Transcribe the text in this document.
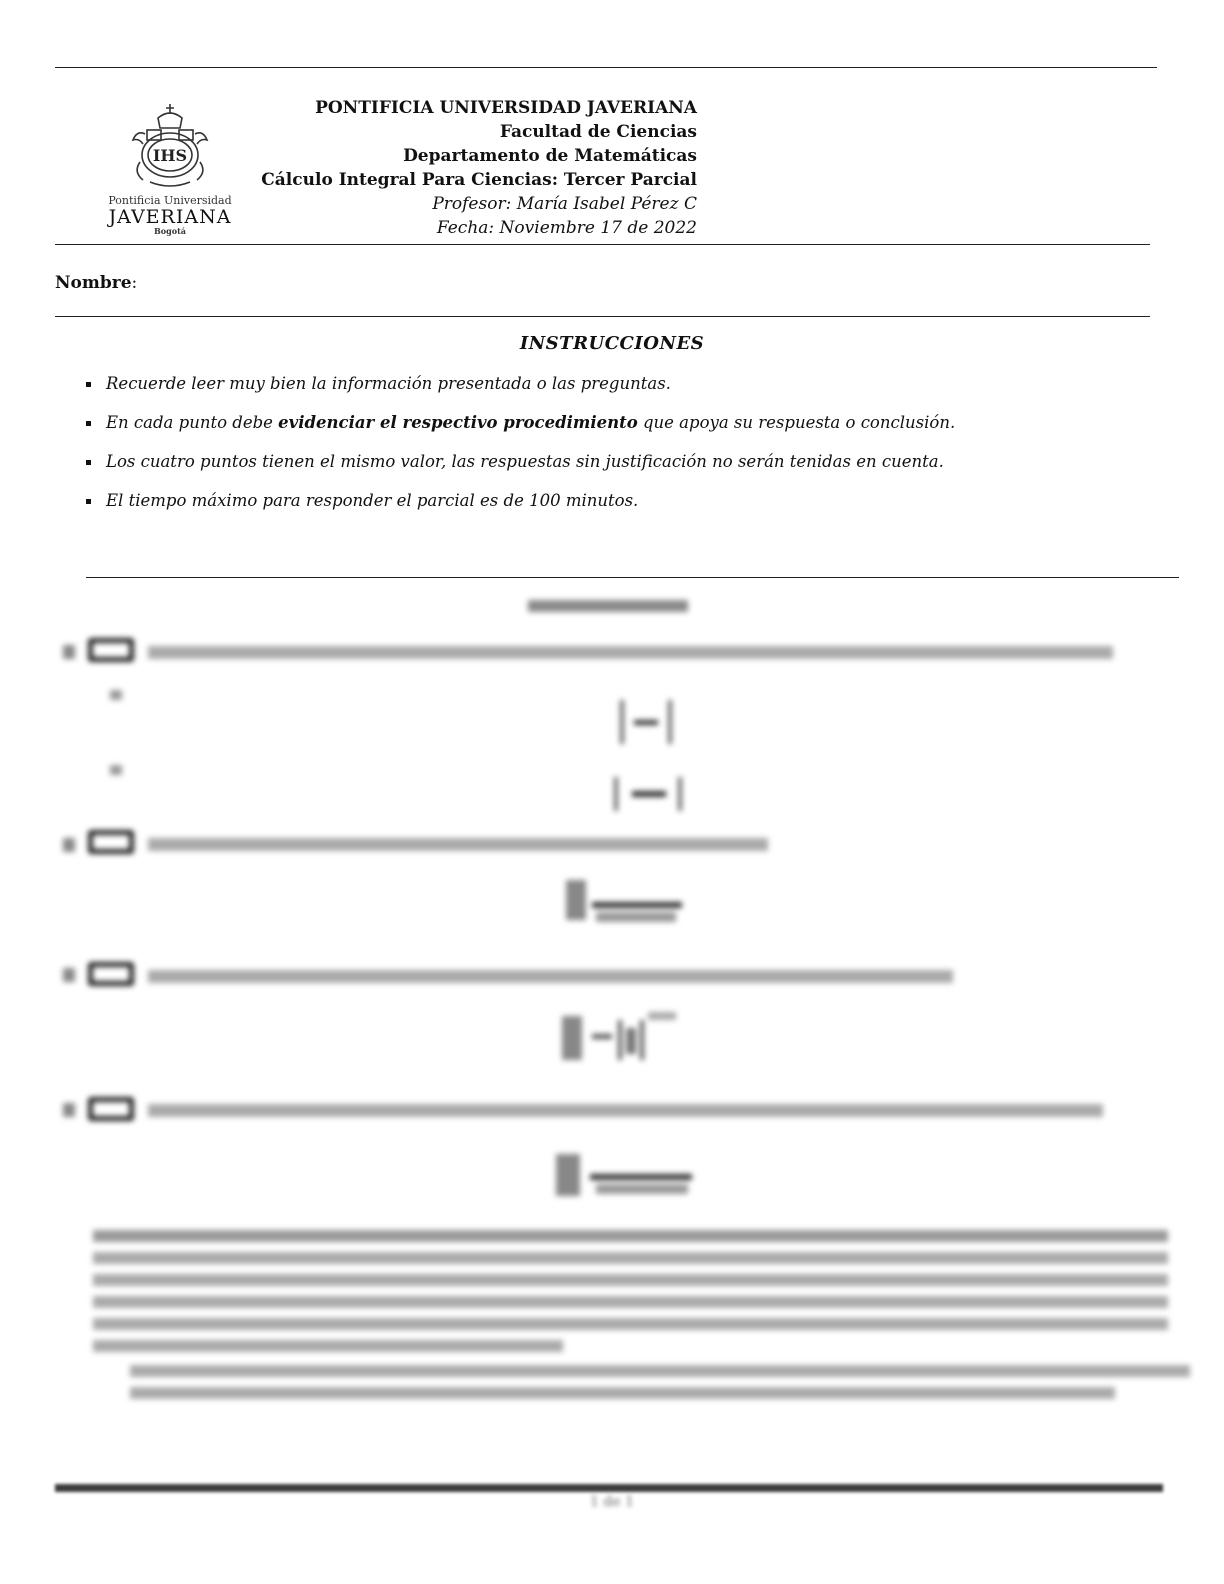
IHS
Pontificia Universidad
JAVERIANA
Bogotá
PONTIFICIA UNIVERSIDAD JAVERIANA
Facultad de Ciencias
Departamento de Matemáticas
Cálculo Integral Para Ciencias: Tercer Parcial
Profesor: María Isabel Pérez C
Fecha: Noviembre 17 de 2022
Nombre:
INSTRUCCIONES
Recuerde leer muy bien la información presentada o las preguntas.
En cada punto debe evidenciar el respectivo procedimiento que apoya su respuesta o conclusión.
Los cuatro puntos tienen el mismo valor, las respuestas sin justificación no serán tenidas en cuenta.
El tiempo máximo para responder el parcial es de 100 minutos.
1 de 1
